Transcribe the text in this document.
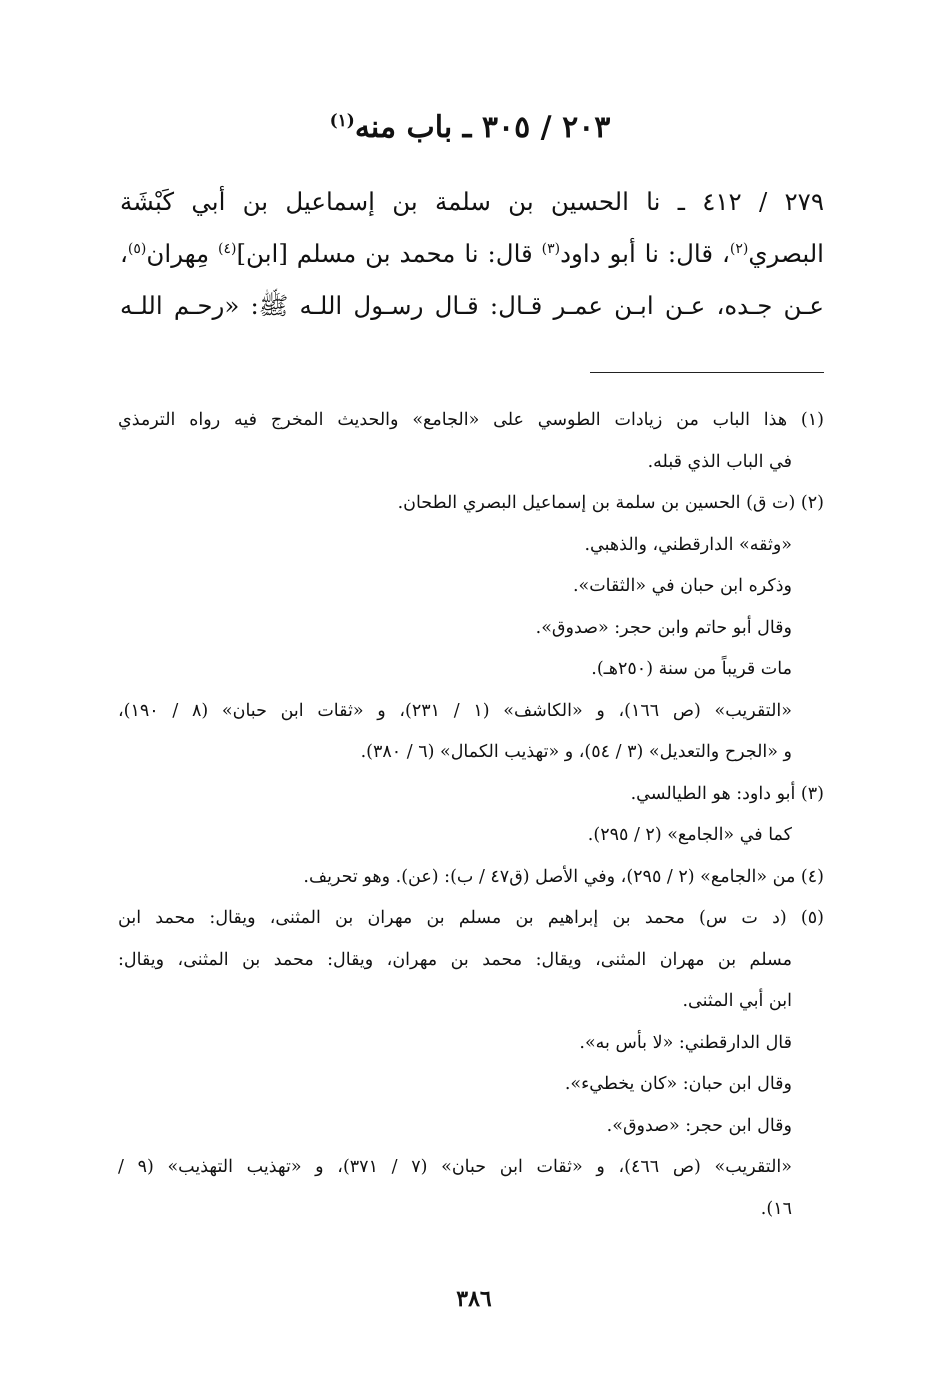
٢٠٣ / ٣٠٥ ـ باب منه$^{(١)}$
٢٧٩ / ٤١٢ ـ نا الحسين بن سلمة بن إسماعيل بن أبي كَبْشَة
البصري$^{(٢)}$، قال: نا أبو داود$^{(٣)}$ قال: نا محمد بن مسلم [ابن]$^{(٤)}$ مِهران$^{(٥)}$،
عـن جـده، عـن ابـن عمـر قـال: قـال رسـول اللـه ﷺ: «رحـم اللـه
(١) هذا الباب من زيادات الطوسي على «الجامع» والحديث المخرج فيه رواه الترمذي
في الباب الذي قبله.
(٢) (ت ق) الحسين بن سلمة بن إسماعيل البصري الطحان.
«وثقه» الدارقطني، والذهبي.
وذكره ابن حبان في «الثقات».
وقال أبو حاتم وابن حجر: «صدوق».
مات قريباً من سنة (٢٥٠هـ).
«التقريب» (ص ١٦٦)، و «الكاشف» (١ / ٢٣١)، و «ثقات ابن حبان» (٨ / ١٩٠)،
و «الجرح والتعديل» (٣ / ٥٤)، و «تهذيب الكمال» (٦ / ٣٨٠).
(٣) أبو داود: هو الطيالسي.
كما في «الجامع» (٢ / ٢٩٥).
(٤) من «الجامع» (٢ / ٢٩٥)، وفي الأصل (ق٤٧ / ب): (عن). وهو تحريف.
(٥) (د ت س) محمد بن إبراهيم بن مسلم بن مهران بن المثنى، ويقال: محمد ابن
مسلم بن مهران المثنى، ويقال: محمد بن مهران، ويقال: محمد بن المثنى، ويقال:
ابن أبي المثنى.
قال الدارقطني: «لا بأس به».
وقال ابن حبان: «كان يخطيء».
وقال ابن حجر: «صدوق».
«التقريب» (ص ٤٦٦)، و «ثقات ابن حبان» (٧ / ٣٧١)، و «تهذيب التهذيب» (٩ /
١٦).
٣٨٦
